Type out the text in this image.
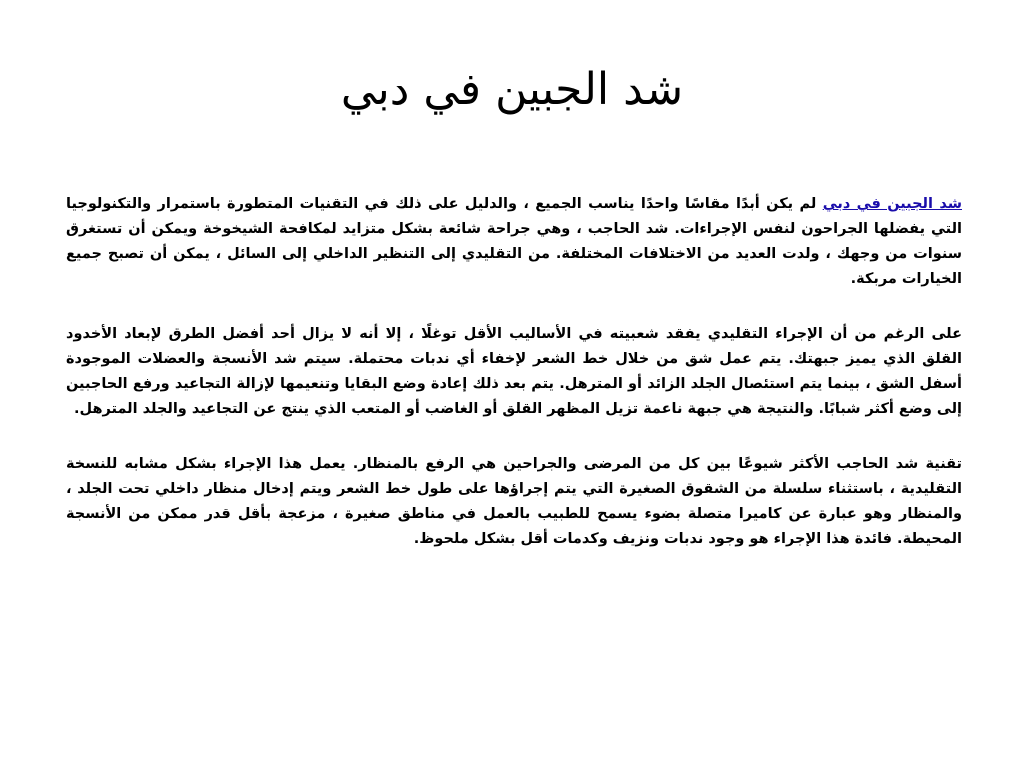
شد الجبين في دبي

شد الجبين في دبي لم يكن أبدًا مقاسًا واحدًا يناسب الجميع ، والدليل على ذلك في التقنيات المتطورة باستمرار والتكنولوجيا التي يفضلها الجراحون لنفس الإجراءات. شد الحاجب ، وهي جراحة شائعة بشكل متزايد لمكافحة الشيخوخة ويمكن أن تستغرق سنوات من وجهك ، ولدت العديد من الاختلافات المختلفة. من التقليدي إلى التنظير الداخلي إلى السائل ، يمكن أن تصبح جميع الخيارات مربكة.

على الرغم من أن الإجراء التقليدي يفقد شعبيته في الأساليب الأقل توغلًا ، إلا أنه لا يزال أحد أفضل الطرق لإبعاد الأخدود القلق الذي يميز جبهتك. يتم عمل شق من خلال خط الشعر لإخفاء أي ندبات محتملة. سيتم شد الأنسجة والعضلات الموجودة أسفل الشق ، بينما يتم استئصال الجلد الزائد أو المترهل. يتم بعد ذلك إعادة وضع البقايا وتنعيمها لإزالة التجاعيد ورفع الحاجبين إلى وضع أكثر شبابًا. والنتيجة هي جبهة ناعمة تزيل المظهر القلق أو الغاضب أو المتعب الذي ينتج عن التجاعيد والجلد المترهل.

تقنية شد الحاجب الأكثر شيوعًا بين كل من المرضى والجراحين هي الرفع بالمنظار. يعمل هذا الإجراء بشكل مشابه للنسخة التقليدية ، باستثناء سلسلة من الشقوق الصغيرة التي يتم إجراؤها على طول خط الشعر ويتم إدخال منظار داخلي تحت الجلد ، والمنظار وهو عبارة عن كاميرا متصلة بضوء يسمح للطبيب بالعمل في مناطق صغيرة ، مزعجة بأقل قدر ممكن من الأنسجة المحيطة. فائدة هذا الإجراء هو وجود ندبات ونزيف وكدمات أقل بشكل ملحوظ.
